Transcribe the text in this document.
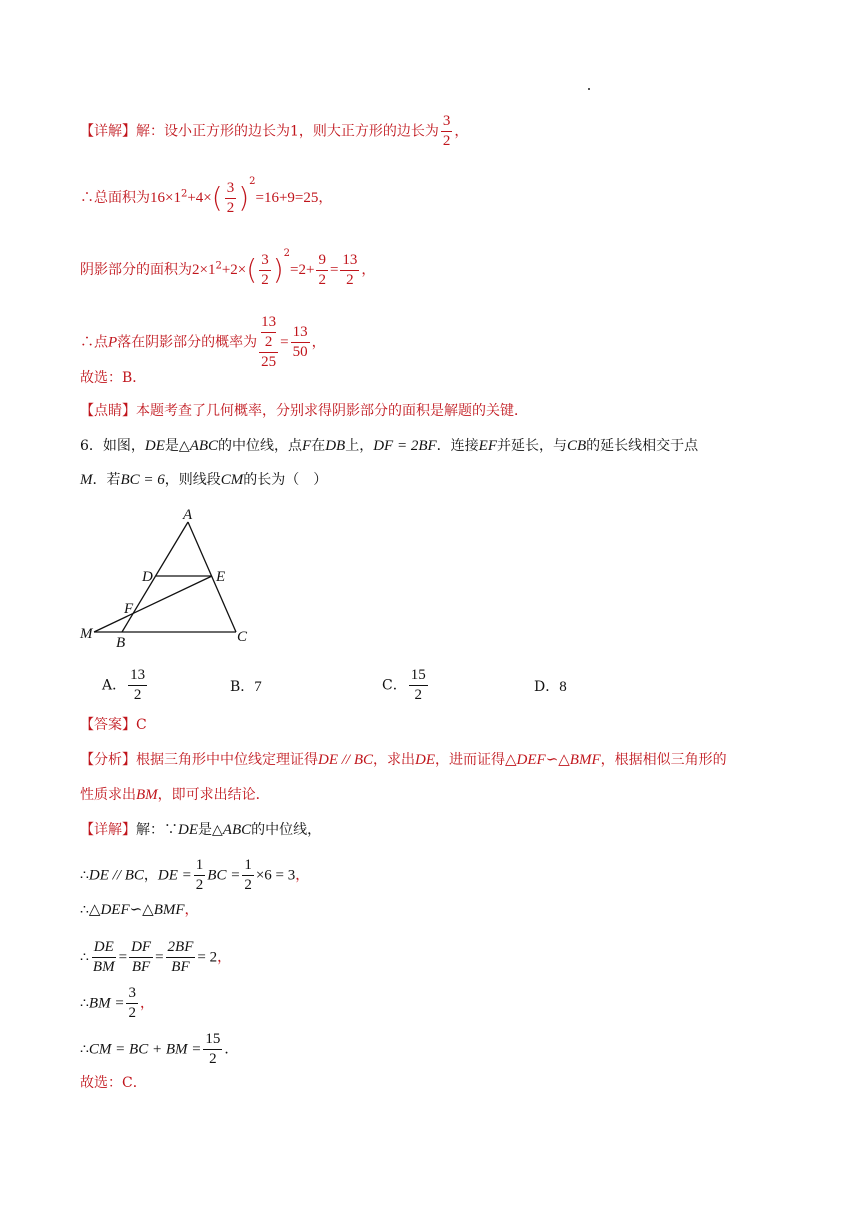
【详解】解：设小正方形的边长为1，则大正方形的边长为 $\frac{3}{2}$ ，
∴总面积为$16\times 1^2+4\times( \frac{3}{2} )^2=16+9=25$，
阴影部分的面积为$2\times 1^2+2\times( \frac{3}{2} )^2=2+ \frac{9}{2} = \frac{13}{2}$ ，
∴点P落在阴影部分的概率为 13
2
$25 = \frac{13}{50}$ ，
故选：B．
【点睛】本题考查了几何概率，分别求得阴影部分的面积是解题的关键．
6．如图，DE是△ABC的中位线，点F在DB上，DF = 2BF．连接EF并延长，与CB的延长线相交于点
M．若BC = 6，则线段CM的长为（　）
A
D	E
F
M
B	C
A． $\frac{13}{2}$	B．7	C． $\frac{15}{2}$	D．8
【答案】C
【分析】根据三角形中中位线定理证得DE // BC，求出DE，进而证得△DEF∽△BMF，根据相似三角形的
性质求出BM，即可求出结论．
【详解】解：∵DE是△ABC的中位线，
∴DE // BC，DE = $\frac{1}{2}$ BC = $\frac{1}{2} \times 6 = 3$，
∴△DEF∽△BMF，
∴ $\frac{DE}{BM} = \frac{DF}{BF} = \frac{2BF}{BF} = 2$，
∴BM = $\frac{3}{2}$ ，
∴CM = BC + BM = $\frac{15}{2}$ ．
故选：C．
